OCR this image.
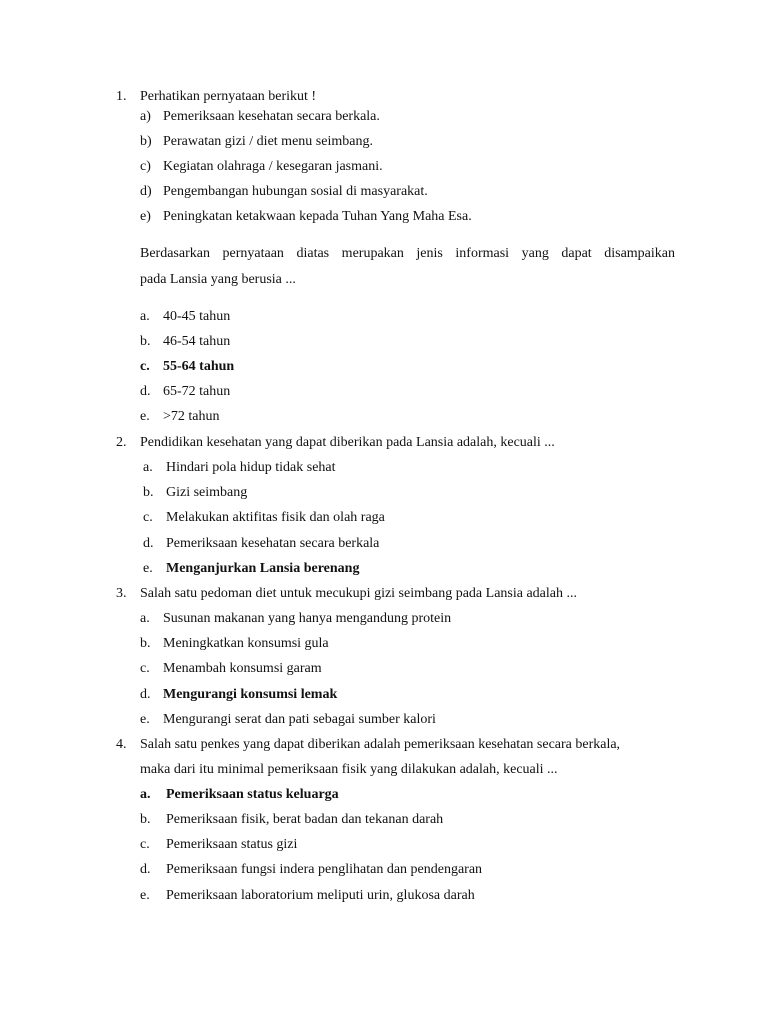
1. Perhatikan pernyataan berikut !
a) Pemeriksaan kesehatan secara berkala.
b) Perawatan gizi / diet menu seimbang.
c) Kegiatan olahraga / kesegaran jasmani.
d) Pengembangan hubungan sosial di masyarakat.
e) Peningkatan ketakwaan kepada Tuhan Yang Maha Esa.
Berdasarkan pernyataan diatas merupakan jenis informasi yang dapat disampaikan
pada Lansia yang berusia ...
a. 40-45 tahun
b. 46-54 tahun
c. 55-64 tahun
d. 65-72 tahun
e. >72 tahun
2. Pendidikan kesehatan yang dapat diberikan pada Lansia adalah, kecuali ...
a. Hindari pola hidup tidak sehat
b. Gizi seimbang
c. Melakukan aktifitas fisik dan olah raga
d. Pemeriksaan kesehatan secara berkala
e. Menganjurkan Lansia berenang
3. Salah satu pedoman diet untuk mecukupi gizi seimbang pada Lansia adalah ...
a. Susunan makanan yang hanya mengandung protein
b. Meningkatkan konsumsi gula
c. Menambah konsumsi garam
d. Mengurangi konsumsi lemak
e. Mengurangi serat dan pati sebagai sumber kalori
4. Salah satu penkes yang dapat diberikan adalah pemeriksaan kesehatan secara berkala,
maka dari itu minimal pemeriksaan fisik yang dilakukan adalah, kecuali ...
a. Pemeriksaan status keluarga
b. Pemeriksaan fisik, berat badan dan tekanan darah
c. Pemeriksaan status gizi
d. Pemeriksaan fungsi indera penglihatan dan pendengaran
e. Pemeriksaan laboratorium meliputi urin, glukosa darah
